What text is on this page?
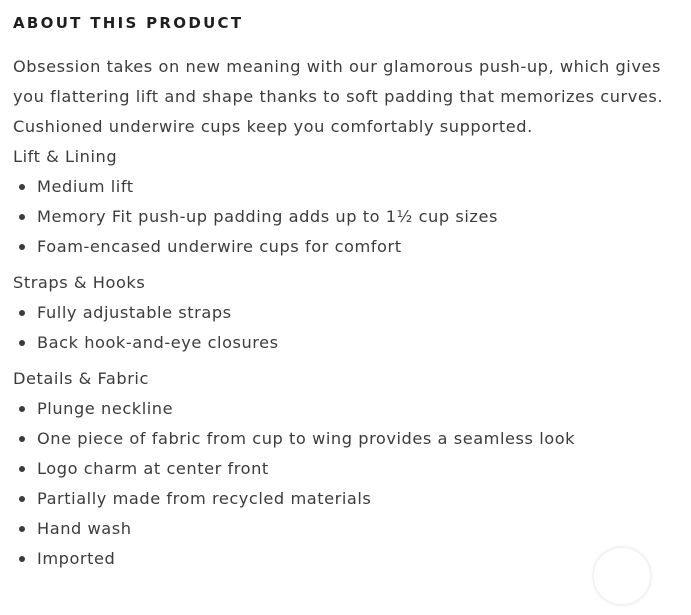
ABOUT THIS PRODUCT

Obsession takes on new meaning with our glamorous push-up, which gives you flattering lift and shape thanks to soft padding that memorizes curves. Cushioned underwire cups keep you comfortably supported.

Lift & Lining
Medium lift
Memory Fit push-up padding adds up to 1½ cup sizes
Foam-encased underwire cups for comfort
Straps & Hooks
Fully adjustable straps
Back hook-and-eye closures
Details & Fabric
Plunge neckline
One piece of fabric from cup to wing provides a seamless look
Logo charm at center front
Partially made from recycled materials
Hand wash
Imported
